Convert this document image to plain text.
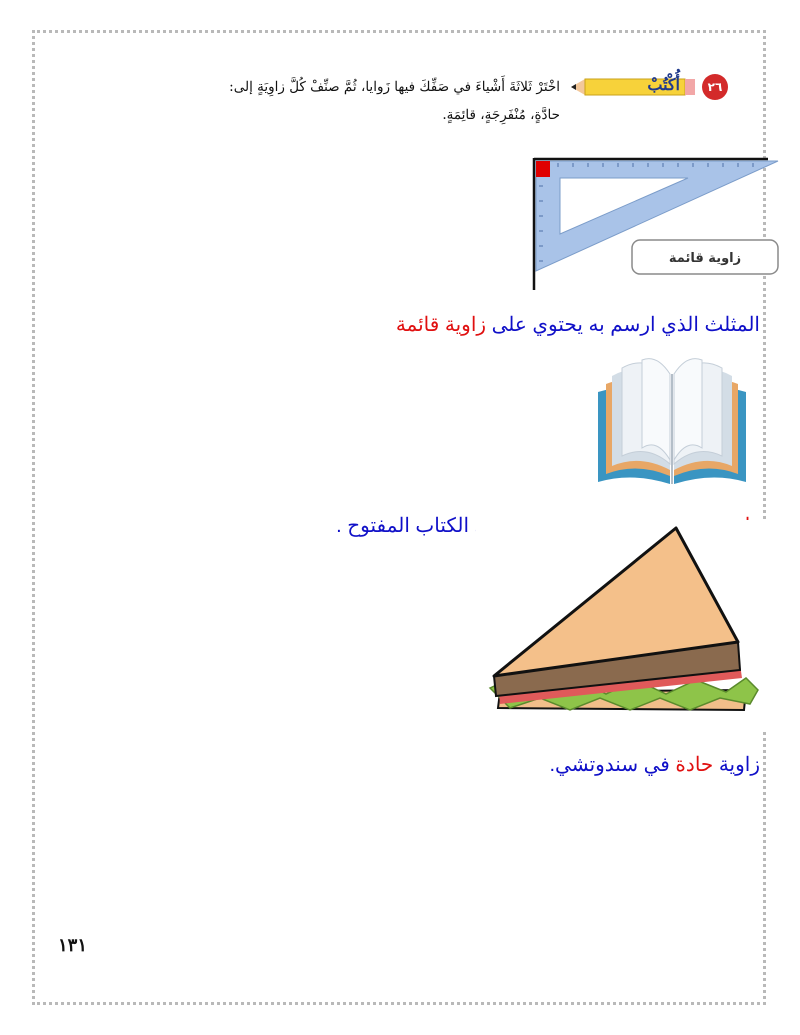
٢٦
أُكْتُبْ
اخْتَرْ ثَلاثَةَ أَشْياءَ في صَفِّكَ فيها زَوايا، ثُمَّ صنِّفْ كُلَّ زاوِيَةٍ إلى:
حادَّةٍ، مُنْفَرِجَةٍ، قائِمَةٍ.
زاوية قائمة
المثلث الذي ارسم به يحتوي على زاوية قائمة
زاوية منفرجة محصورة بين صفحتي الكتاب المفتوح .
زاوية حادة في سندوتشي.
١٣١
